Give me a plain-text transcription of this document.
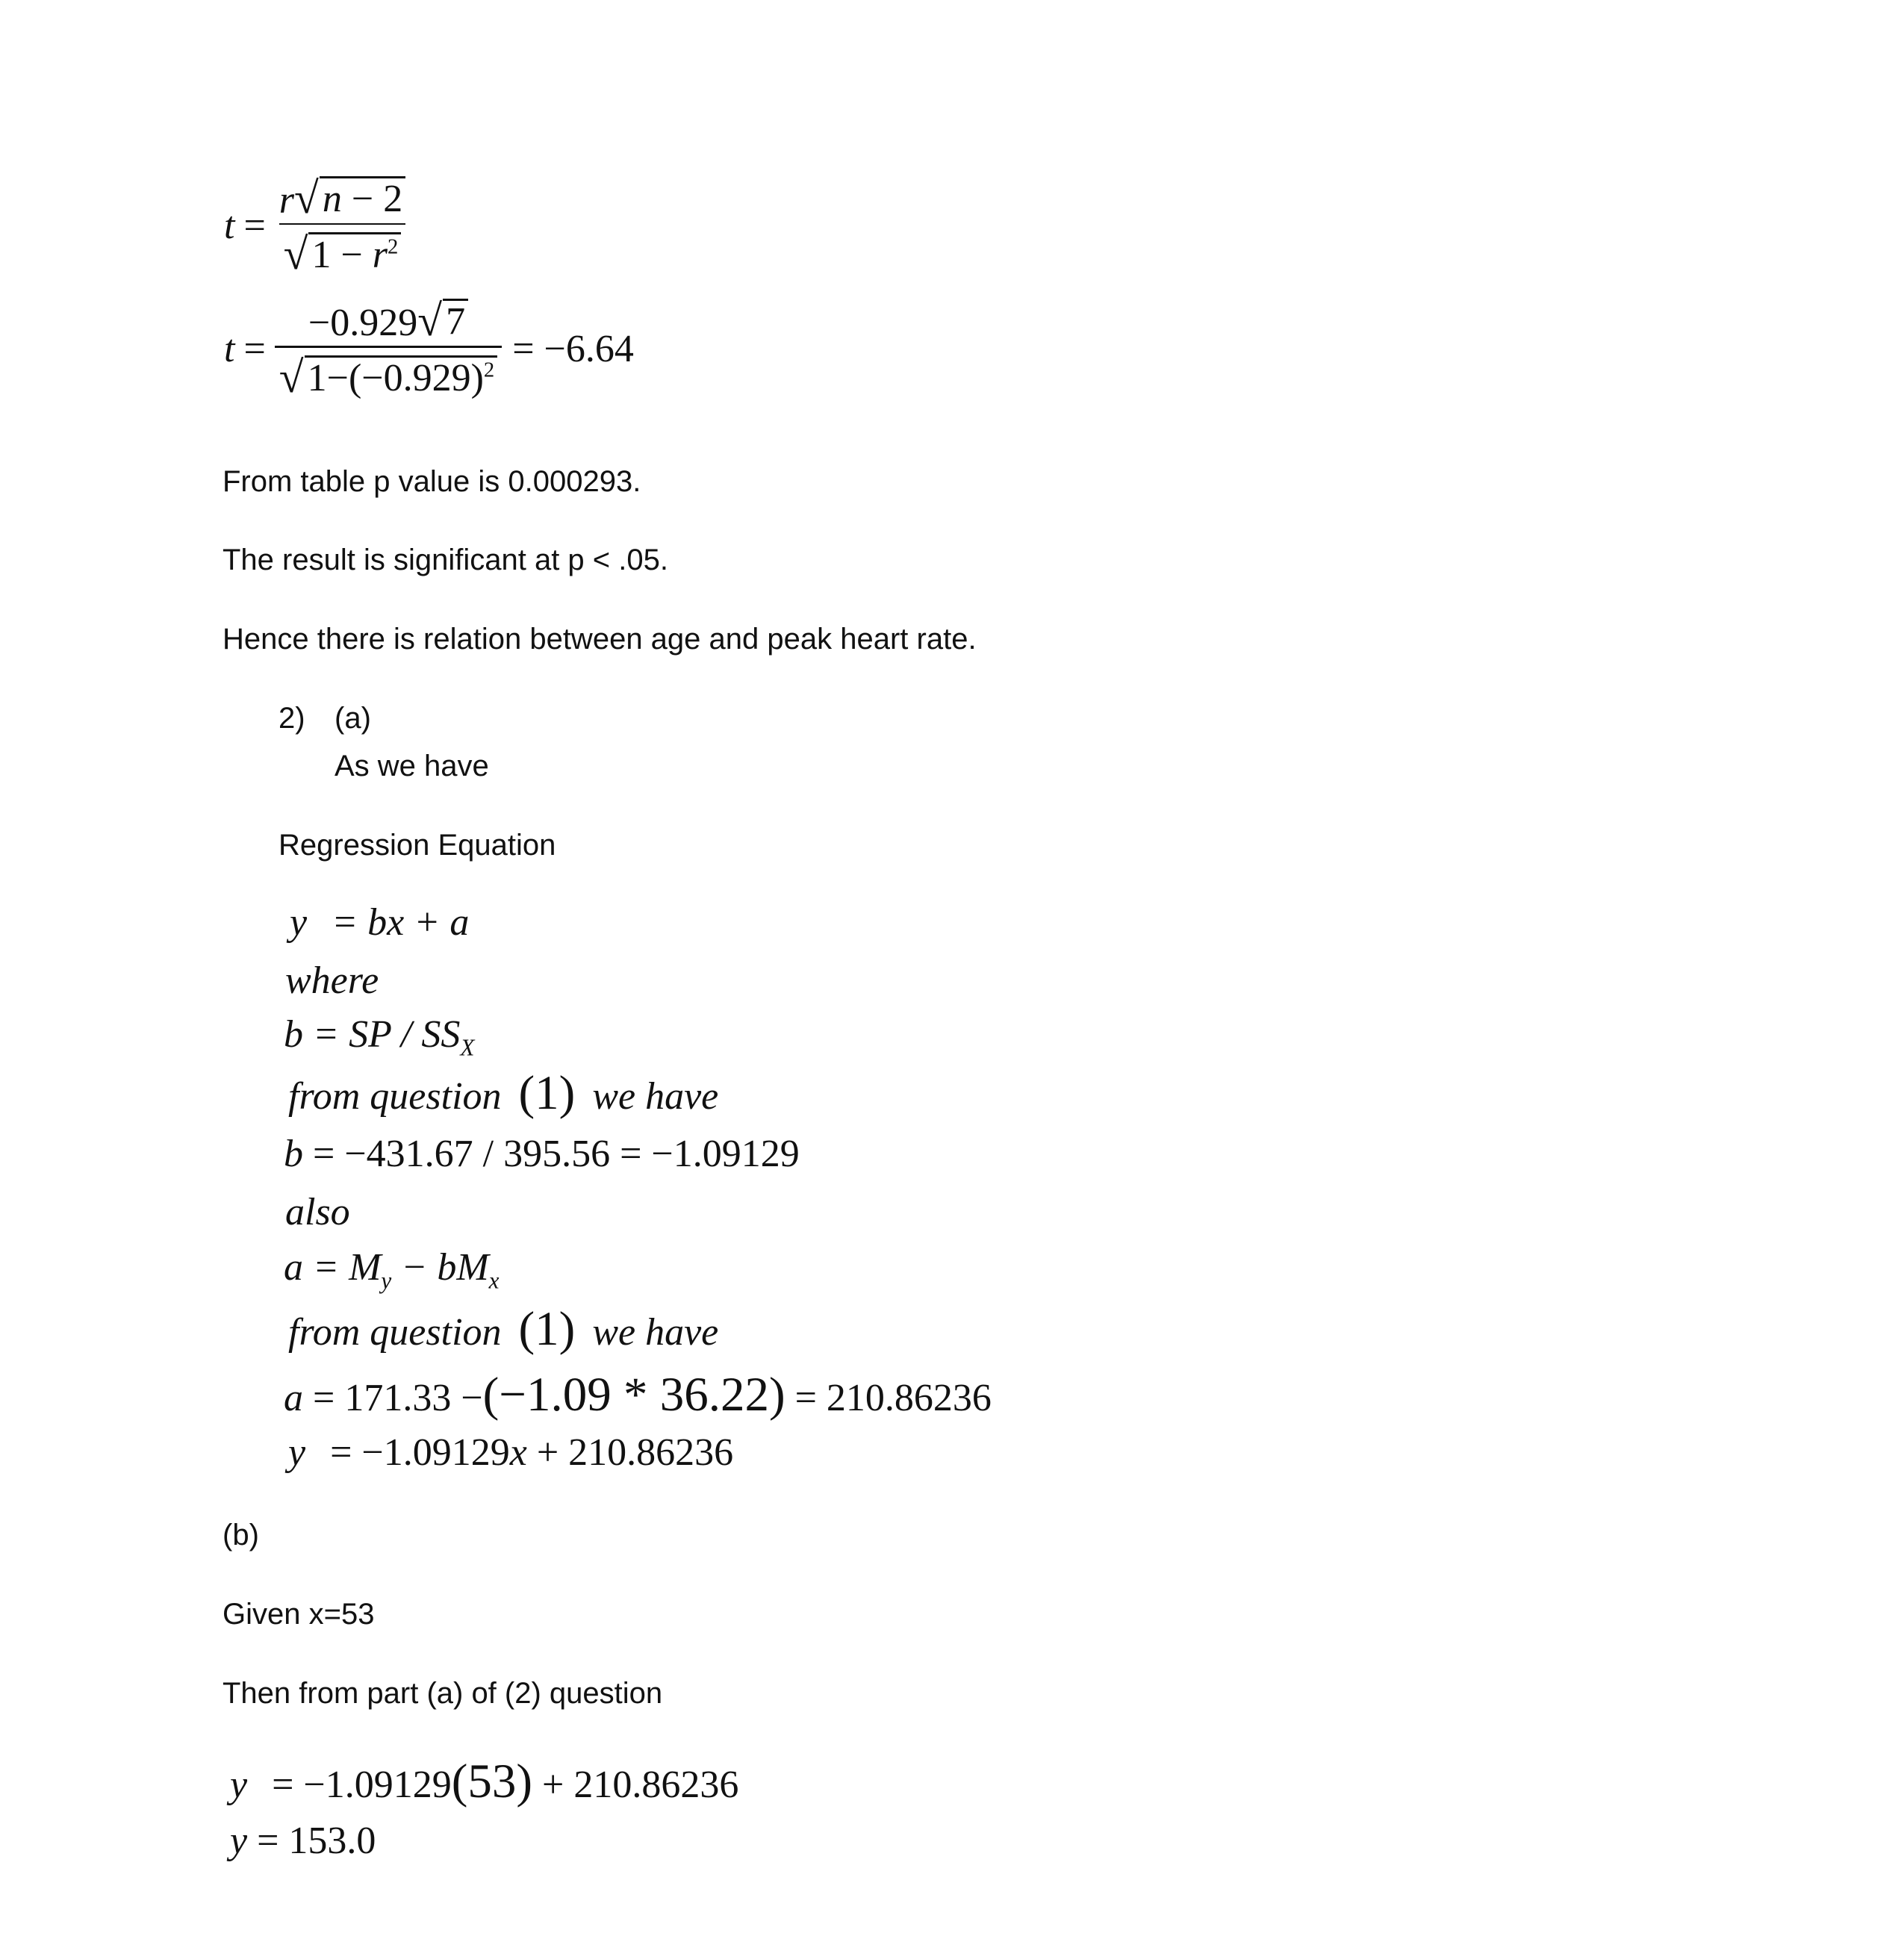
$t = \frac{r √ n - 2}{√ 1 - r^2}$
$t = \frac{-0.929 √ 7}{√ 1-(-0.929)^2} = -6.64$
From table p value is 0.000293.
The result is significant at p < .05.
Hence there is relation between age and peak heart rate.
2) (a)
As we have
Regression Equation
y = bx + a
where
b = SP / $SS_X$
from question (1) we have
b = −431.67 / 395.56 = −1.09129
also
$a = M_y - bM_x$
from question (1) we have
a = 171.33 −(−1.09 * 36.22) = 210.86236
y = −1.09129x + 210.86236
(b)
Given x=53
Then from part (a) of (2) question
y = −1.09129(53) + 210.86236
y = 153.0
